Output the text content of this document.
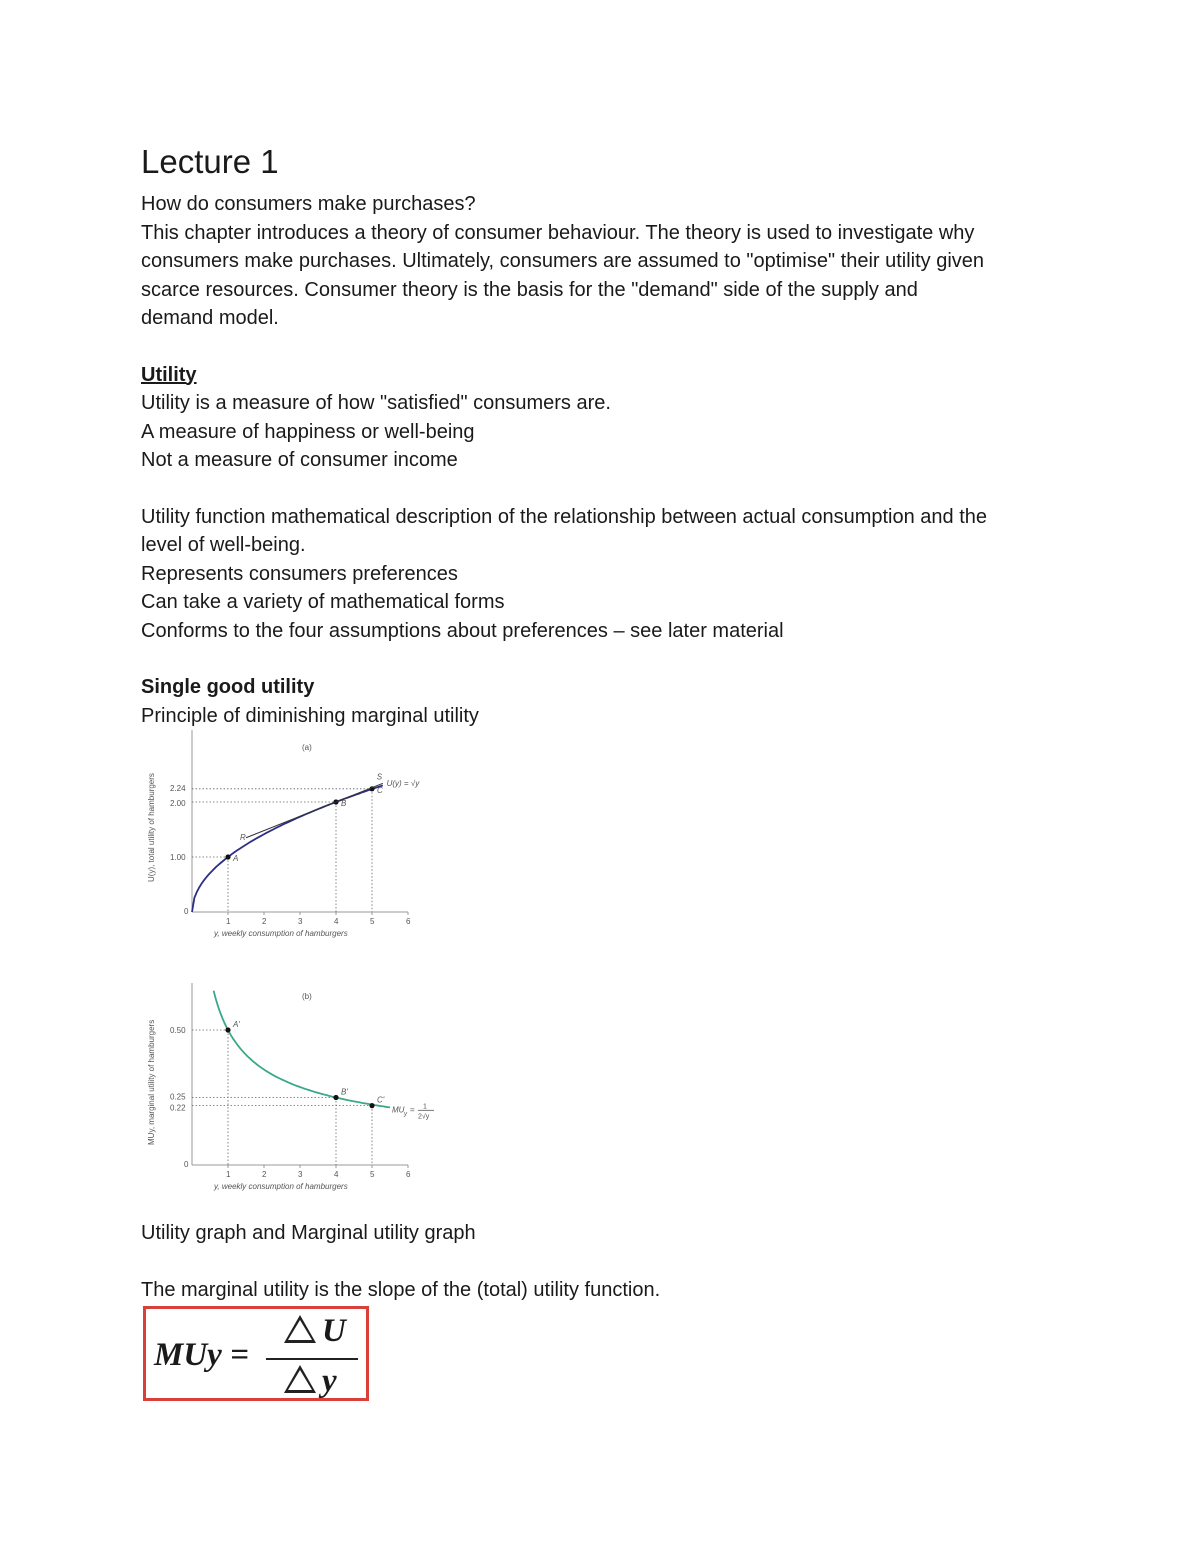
Lecture 1

How do consumers make purchases?

This chapter introduces a theory of consumer behaviour. The theory is used to investigate why

consumers make purchases. Ultimately, consumers are assumed to "optimise" their utility given

scarce resources. Consumer theory is the basis for the "demand" side of the supply and

demand model.

Utility

Utility is a measure of how "satisfied" consumers are.

A measure of happiness or well-being

Not a measure of consumer income

Utility function mathematical description of the relationship between actual consumption and the

level of well-being.

Represents consumers preferences

Can take a variety of mathematical forms

Conforms to the four assumptions about preferences – see later material

Single good utility

Principle of diminishing marginal utility

(a)
0
1	2	3	4	5	6
y, weekly consumption of hamburgers
U(y), total utility of hamburgers 1.00
2.00
2.24
A
B
C
R
S
U(y) = √y
(b)
0
1	2	3	4	5	6
y, weekly consumption of hamburgers
MUy, marginal utility of hamburgers 0.50
0.25
0.22
A'
B'
C'
MU y = 1
2√y
Utility graph and Marginal utility graph
The marginal utility is the slope of the (total) utility function.
MUy =
U
y
